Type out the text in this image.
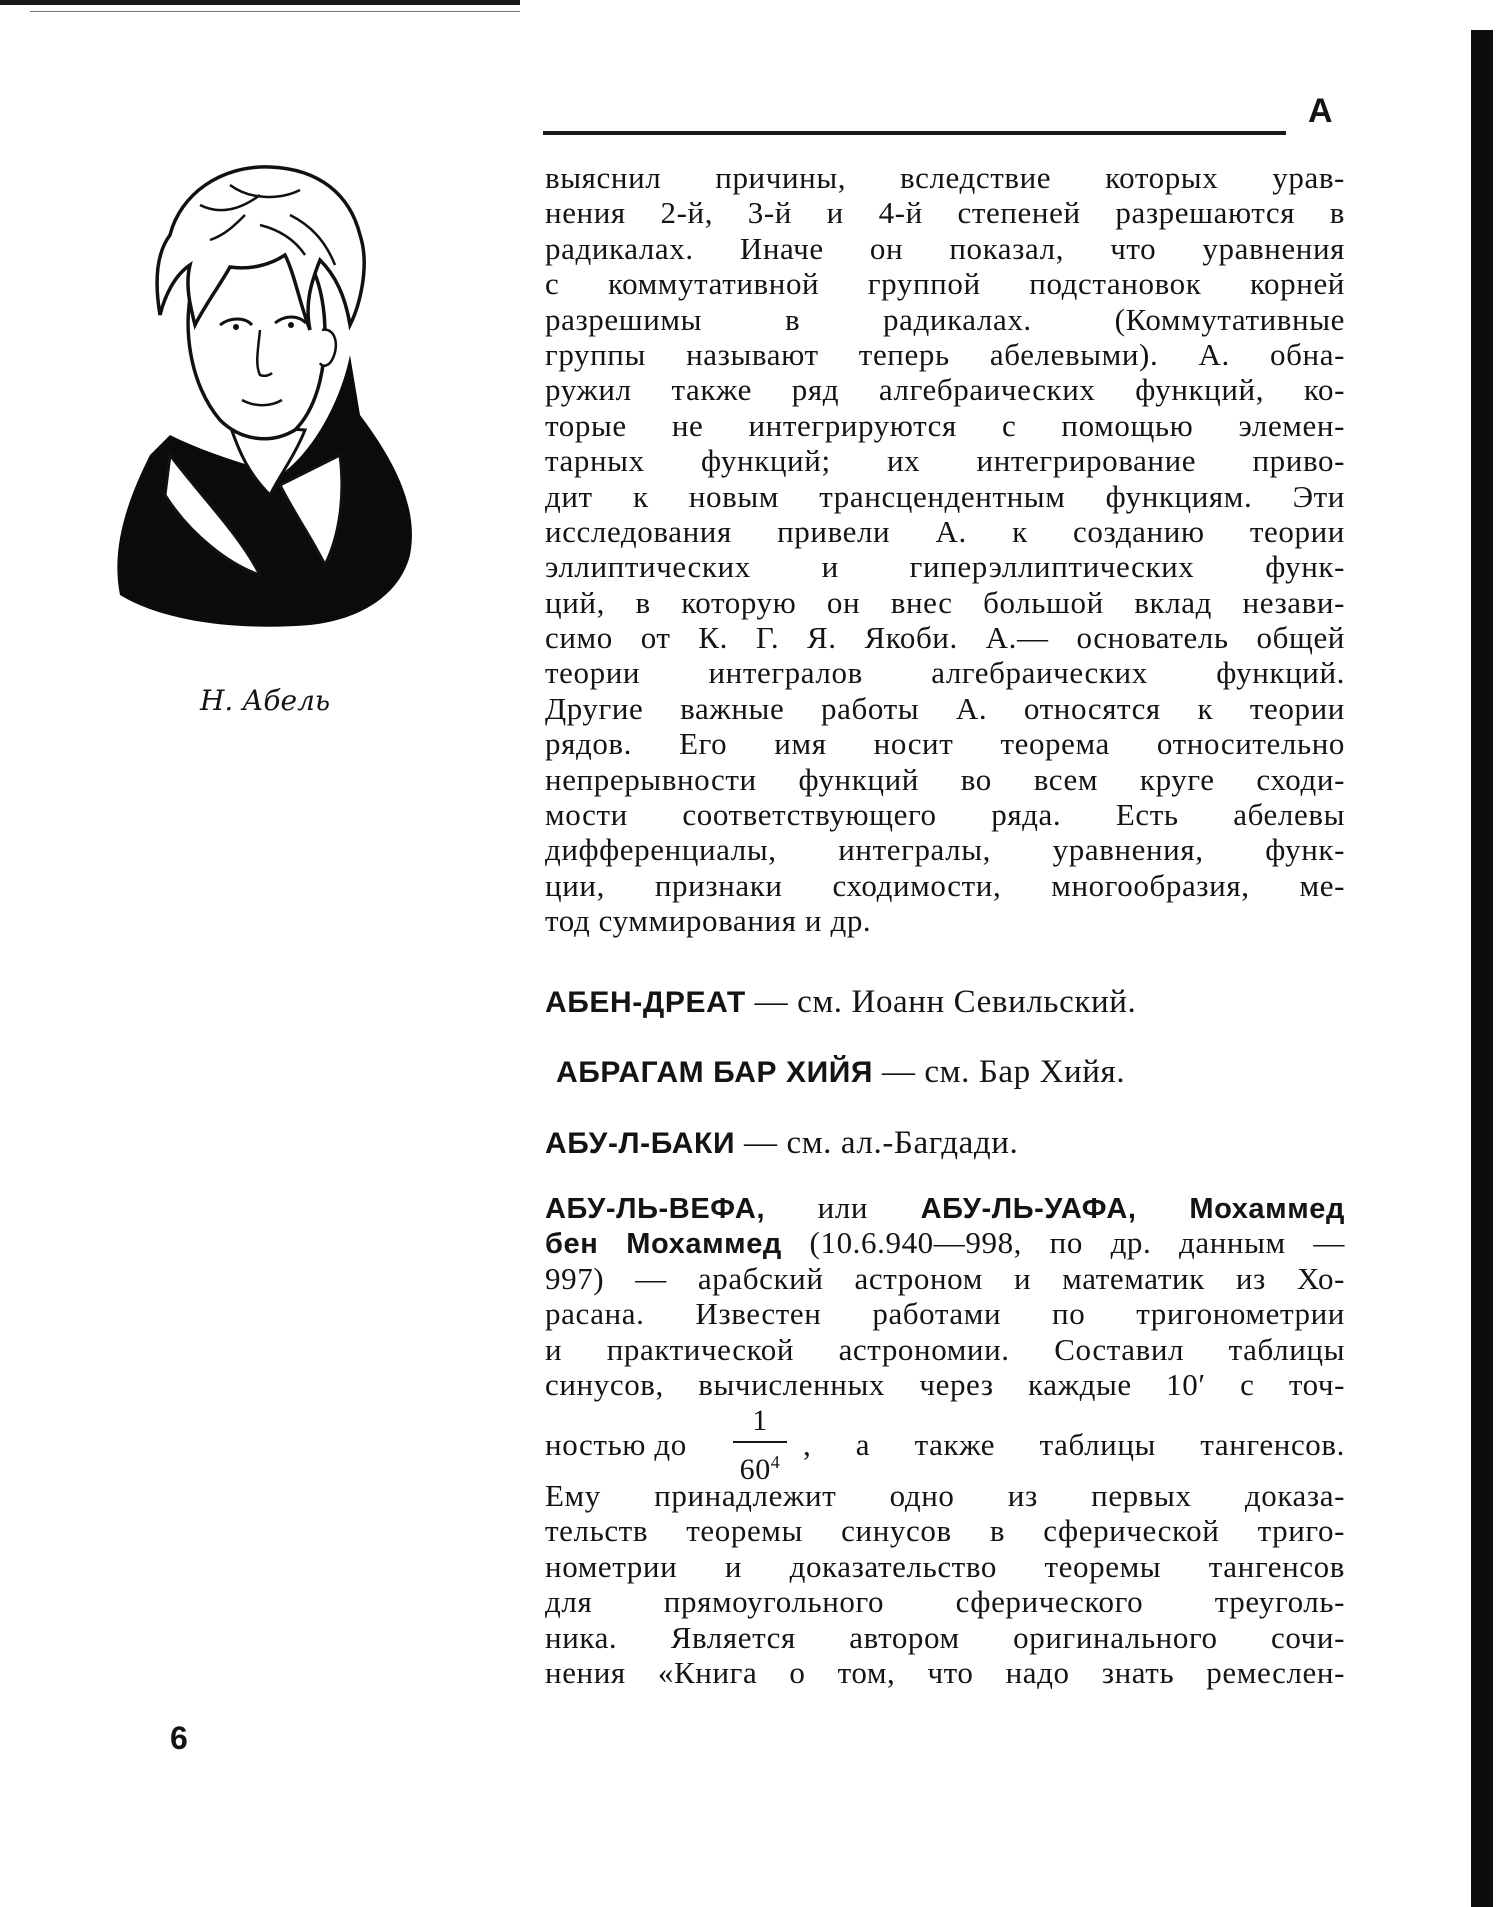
Н. Абель
А
выяснил причины, вследствие которых урав-
нения 2-й, 3-й и 4-й степеней разрешаются в
радикалах. Иначе он показал, что уравнения
с коммутативной группой подстановок корней
разрешимы в радикалах. (Коммутативные
группы называют теперь абелевыми). А. обна-
ружил также ряд алгебраических функций, ко-
торые не интегрируются с помощью элемен-
тарных функций; их интегрирование приво-
дит к новым трансцендентным функциям. Эти
исследования привели А. к созданию теории
эллиптических и гиперэллиптических функ-
ций, в которую он внес большой вклад незави-
симо от К. Г. Я. Якоби. А.— основатель общей
теории интегралов алгебраических функций.
Другие важные работы А. относятся к теории
рядов. Его имя носит теорема относительно
непрерывности функций во всем круге сходи-
мости соответствующего ряда. Есть абелевы
дифференциалы, интегралы, уравнения, функ-
ции, признаки сходимости, многообразия, ме-
тод суммирования и др.
АБЕН-ДРЕАТ — см. Иоанн Севильский.
АБРАГАМ БАР ХИЙЯ — см. Бар Хийя.
АБУ-Л-БАКИ — см. ал.-Багдади.
АБУ-ЛЬ-ВЕФА, или АБУ-ЛЬ-УАФА, Мохаммед
бен Мохаммед (10.6.940—998, по др. данным —
997) — арабский астроном и математик из Хо-
расана. Известен работами по тригонометрии
и практической астрономии. Составил таблицы
синусов, вычисленных через каждые 10′ с точ-
ностью до
1
$60^4$ , а также таблицы тангенсов.
Ему принадлежит одно из первых доказа-
тельств теоремы синусов в сферической триго-
нометрии и доказательство теоремы тангенсов
для прямоугольного сферического треуголь-
ника. Является автором оригинального сочи-
нения «Книга о том, что надо знать ремеслен-
6
